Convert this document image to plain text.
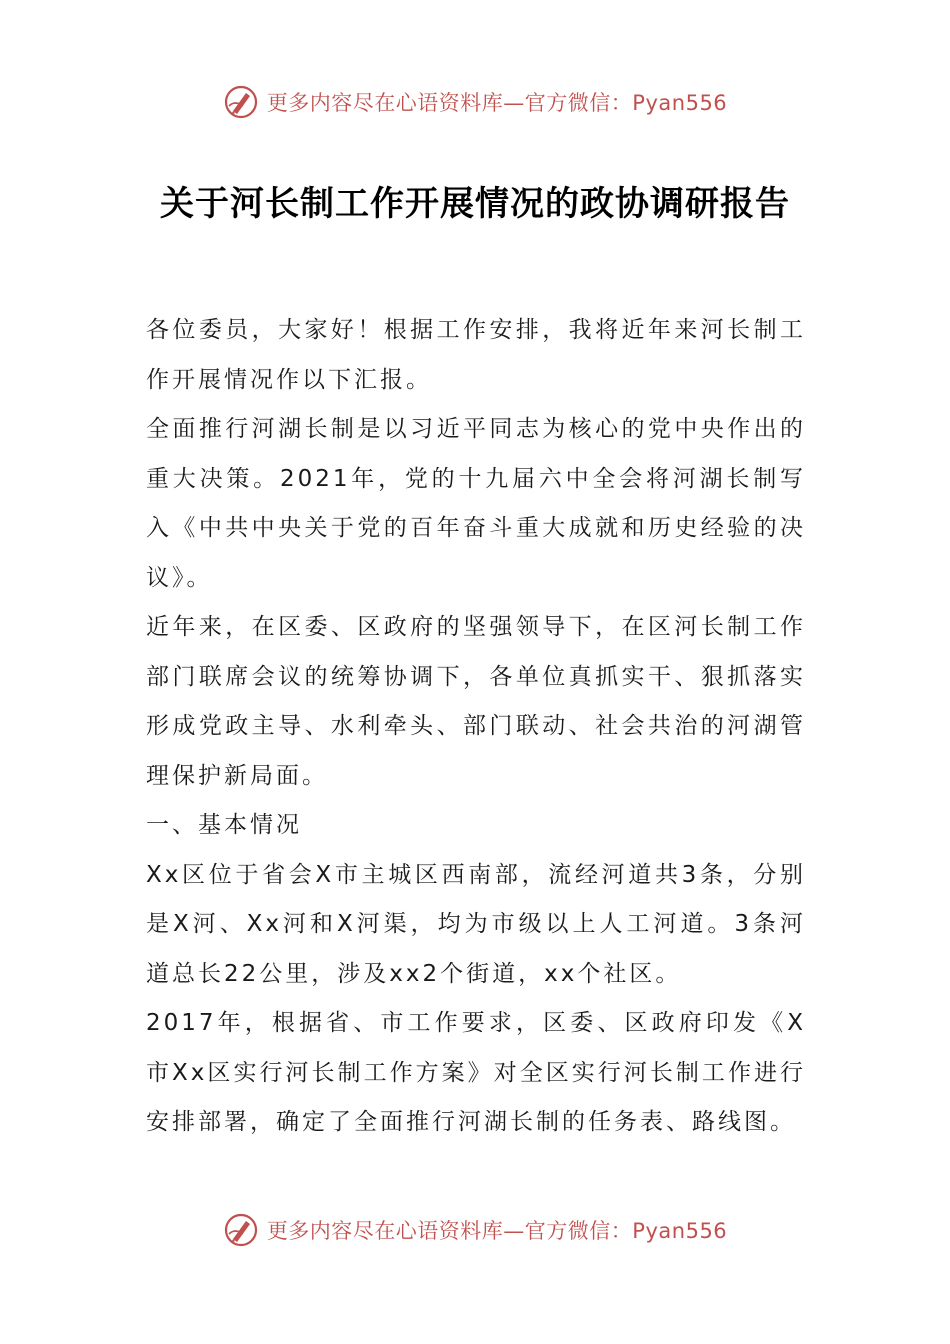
更多内容尽在心语资料库—官方微信：Pyan556
关于河长制工作开展情况的政协调研报告

各位委员，大家好！根据工作安排，我将近年来河长制工作开展情况作以下汇报。

全面推行河湖长制是以习近平同志为核心的党中央作出的重大决策。2021年，党的十九届六中全会将河湖长制写入《中共中央关于党的百年奋斗重大成就和历史经验的决议》。

近年来，在区委、区政府的坚强领导下，在区河长制工作部门联席会议的统筹协调下，各单位真抓实干、狠抓落实形成党政主导、水利牵头、部门联动、社会共治的河湖管理保护新局面。

一、基本情况

Xx区位于省会X市主城区西南部，流经河道共3条，分别是X河、Xx河和X河渠，均为市级以上人工河道。3条河道总长22公里，涉及xx2个街道，xx个社区。

2017年，根据省、市工作要求，区委、区政府印发《X市Xx区实行河长制工作方案》对全区实行河长制工作进行安排部署，确定了全面推行河湖长制的任务表、路线图。

更多内容尽在心语资料库—官方微信：Pyan556
